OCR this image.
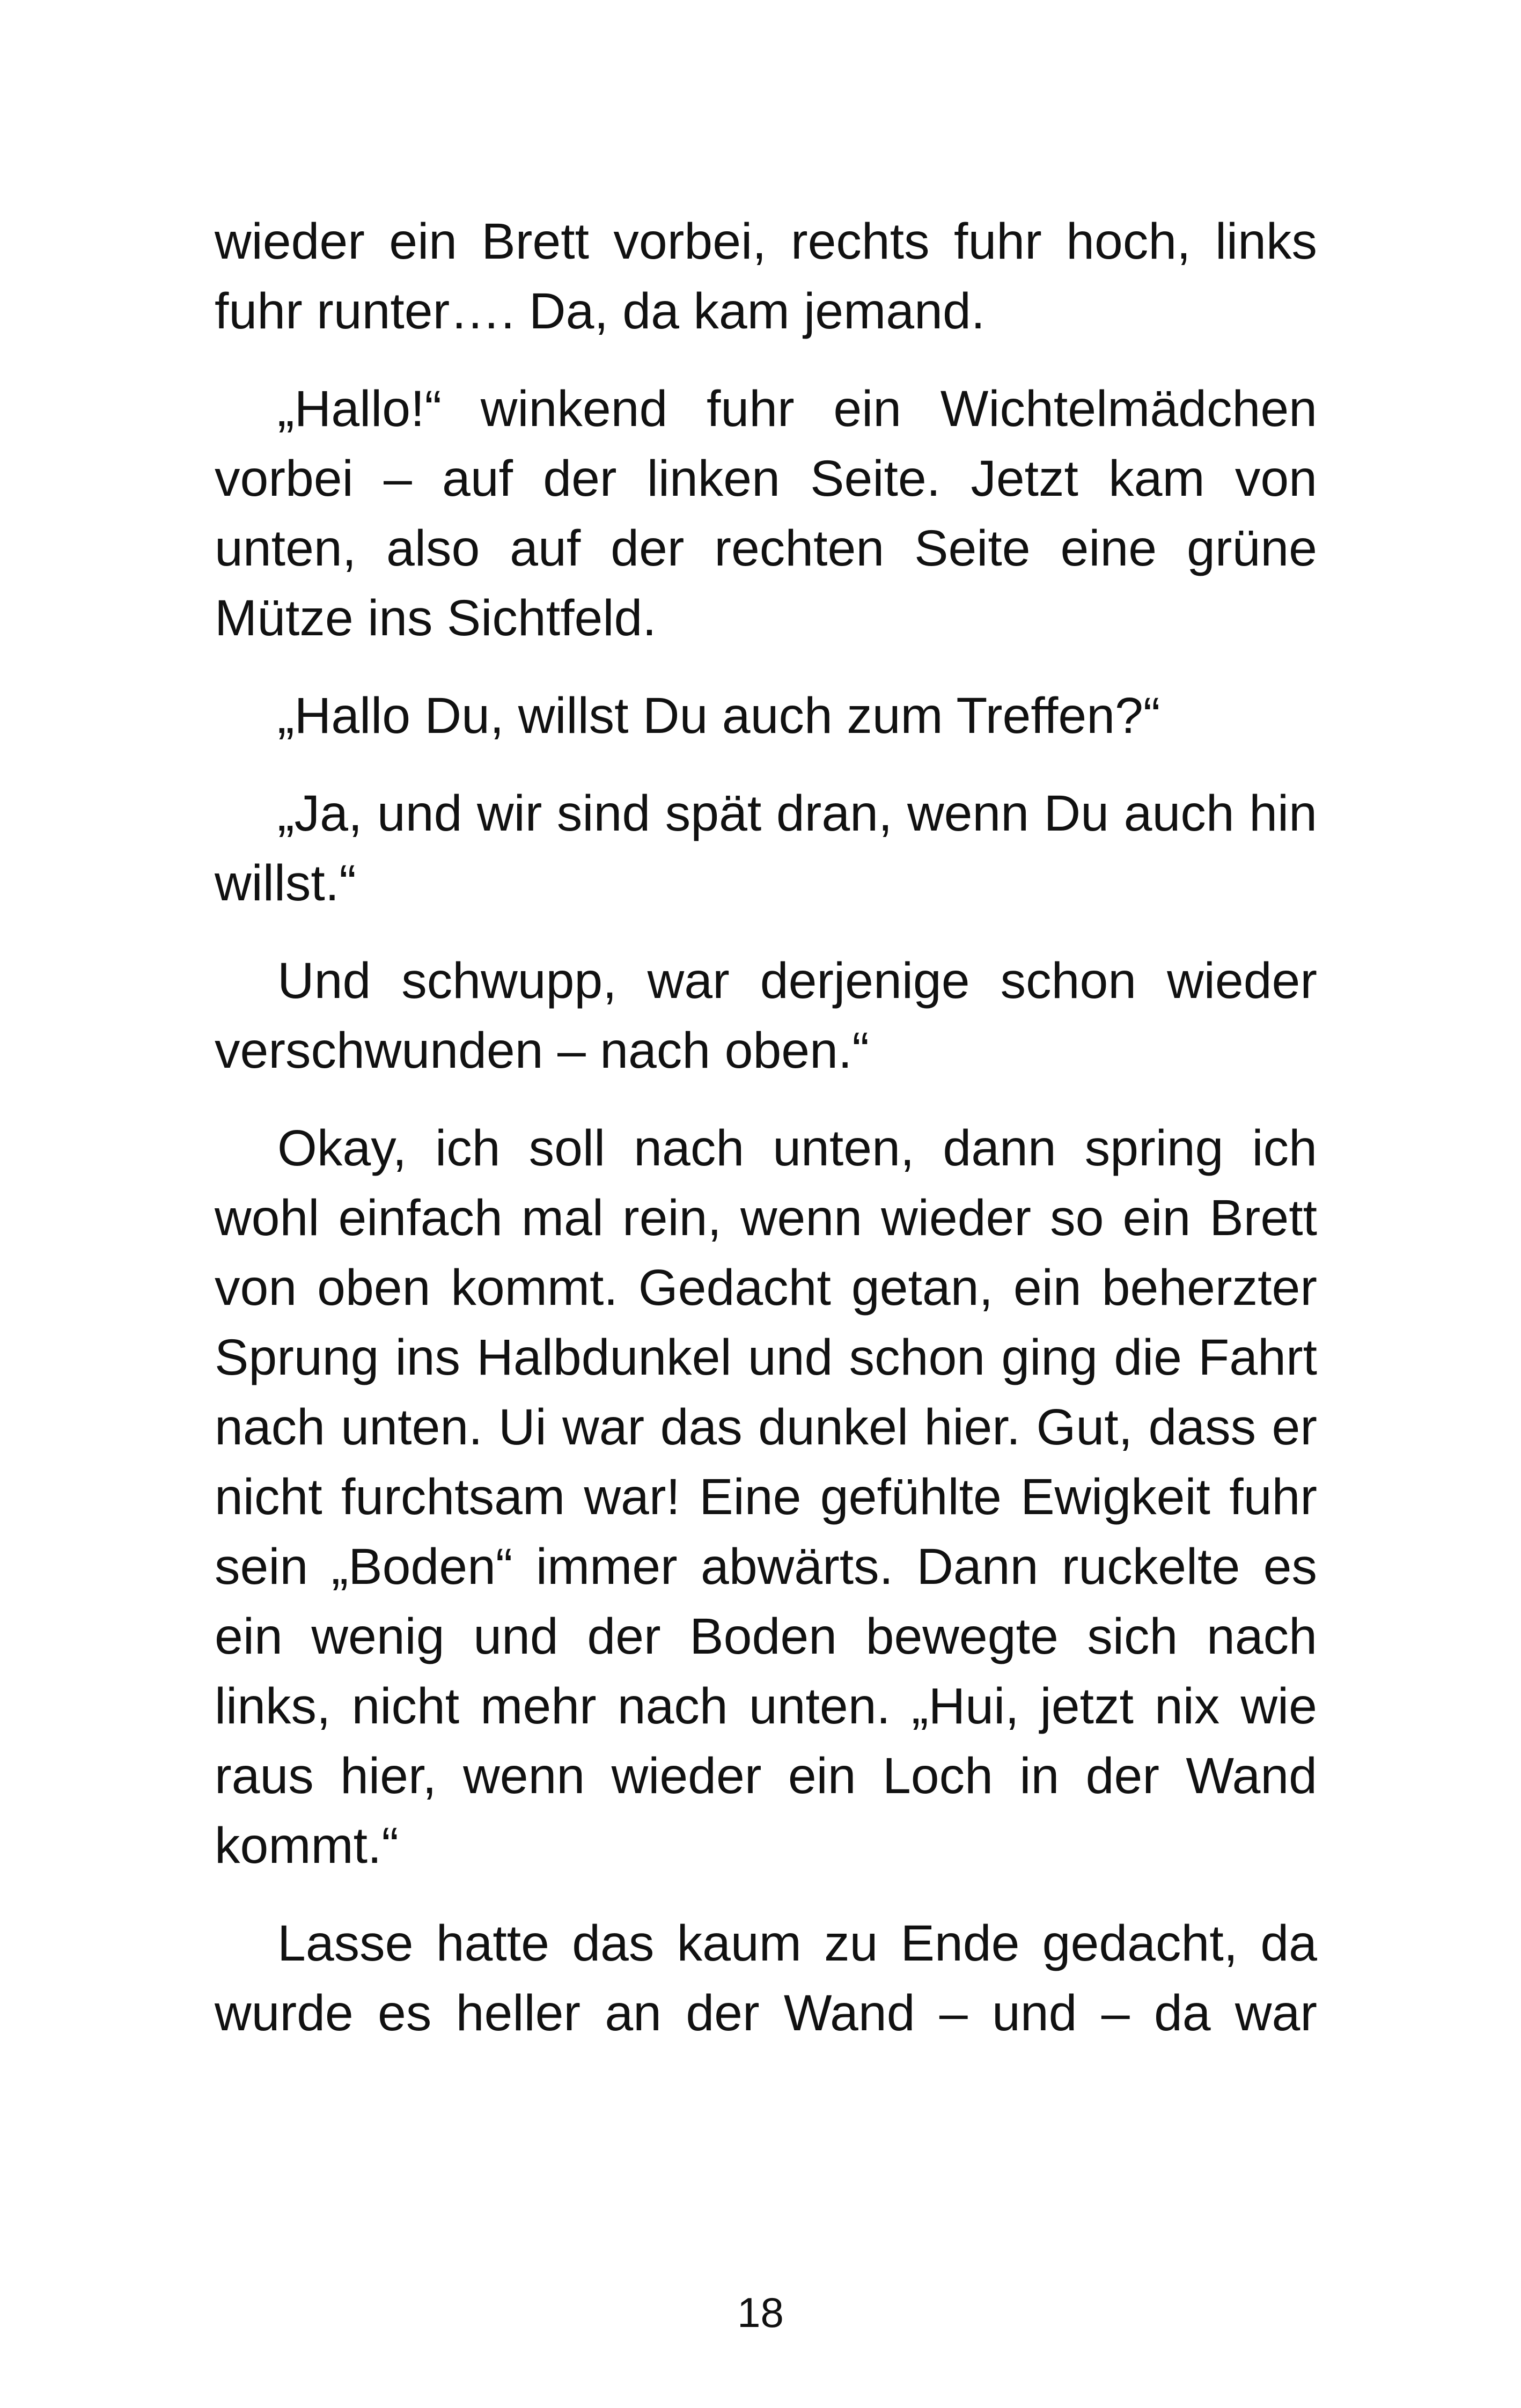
wieder ein Brett vorbei, rechts fuhr hoch, links fuhr runter…. Da, da kam jemand.

„Hallo!“ winkend fuhr ein Wichtelmädchen vorbei – auf der linken Seite. Jetzt kam von unten, also auf der rechten Seite eine grüne Mütze ins Sichtfeld.

„Hallo Du, willst Du auch zum Treffen?“

„Ja, und wir sind spät dran, wenn Du auch hin willst.“

Und schwupp, war derjenige schon wieder verschwunden – nach oben.“

Okay, ich soll nach unten, dann spring ich wohl einfach mal rein, wenn wieder so ein Brett von oben kommt. Gedacht getan, ein beherzter Sprung ins Halbdunkel und schon ging die Fahrt nach unten. Ui war das dunkel hier. Gut, dass er nicht furchtsam war! Eine gefühlte Ewigkeit fuhr sein „Boden“ immer abwärts. Dann ruckelte es ein wenig und der Boden bewegte sich nach links, nicht mehr nach unten. „Hui, jetzt nix wie raus hier, wenn wieder ein Loch in der Wand kommt.“

Lasse hatte das kaum zu Ende gedacht, da wurde es heller an der Wand – und – da war

18
